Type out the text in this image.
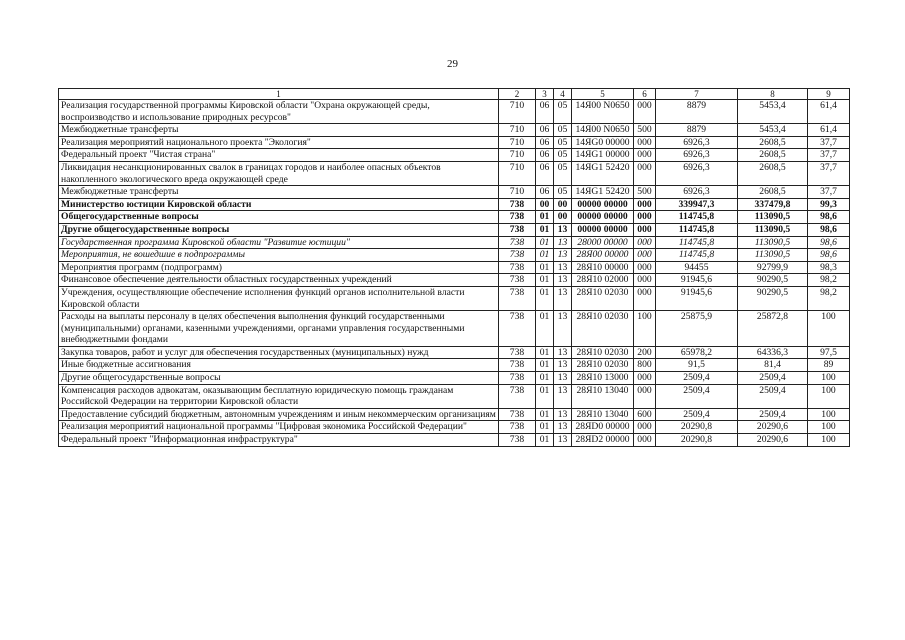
29
1	2	3	4	5	6	7	8	9
Реализация государственной программы Кировской области "Охрана окружающей среды, воспроизводство и использование природных ресурсов"	710	06	05	14Я00 N0650	000	8879	5453,4	61,4
Межбюджетные трансферты	710	06	05	14Я00 N0650	500	8879	5453,4	61,4
Реализация мероприятий национального проекта "Экология"	710	06	05	14ЯG0 00000	000	6926,3	2608,5	37,7
Федеральный проект "Чистая страна"	710	06	05	14ЯG1 00000	000	6926,3	2608,5	37,7
Ликвидация несанкционированных свалок в границах городов и наиболее опасных объектов накопленного экологического вреда окружающей среде	710	06	05	14ЯG1 52420	000	6926,3	2608,5	37,7
Межбюджетные трансферты	710	06	05	14ЯG1 52420	500	6926,3	2608,5	37,7
Министерство юстиции Кировской области	738	00	00	00000 00000	000	339947,3	337479,8	99,3
Общегосударственные вопросы	738	01	00	00000 00000	000	114745,8	113090,5	98,6
Другие общегосударственные вопросы	738	01	13	00000 00000	000	114745,8	113090,5	98,6
Государственная программа Кировской области "Развитие юстиции"	738	01	13	28000 00000	000	114745,8	113090,5	98,6
Мероприятия, не вошедшие в подпрограммы	738	01	13	28Я00 00000	000	114745,8	113090,5	98,6
Мероприятия программ (подпрограмм)	738	01	13	28Я10 00000	000	94455	92799,9	98,3
Финансовое обеспечение деятельности областных государственных учреждений	738	01	13	28Я10 02000	000	91945,6	90290,5	98,2
Учреждения, осуществляющие обеспечение исполнения функций органов исполнительной власти Кировской области	738	01	13	28Я10 02030	000	91945,6	90290,5	98,2
Расходы на выплаты персоналу в целях обеспечения выполнения функций государственными (муниципальными) органами, казенными учреждениями, органами управления государственными внебюджетными фондами	738	01	13	28Я10 02030	100	25875,9	25872,8	100
Закупка товаров, работ и услуг для обеспечения государственных (муниципальных) нужд	738	01	13	28Я10 02030	200	65978,2	64336,3	97,5
Иные бюджетные ассигнования	738	01	13	28Я10 02030	800	91,5	81,4	89
Другие общегосударственные вопросы	738	01	13	28Я10 13000	000	2509,4	2509,4	100
Компенсация расходов адвокатам, оказывающим бесплатную юридическую помощь гражданам Российской Федерации на территории Кировской области	738	01	13	28Я10 13040	000	2509,4	2509,4	100
Предоставление субсидий бюджетным, автономным учреждениям и иным некоммерческим организациям	738	01	13	28Я10 13040	600	2509,4	2509,4	100
Реализация мероприятий национальной программы "Цифровая экономика Российской Федерации"	738	01	13	28ЯD0 00000	000	20290,8	20290,6	100
Федеральный проект "Информационная инфраструктура"	738	01	13	28ЯD2 00000	000	20290,8	20290,6	100
